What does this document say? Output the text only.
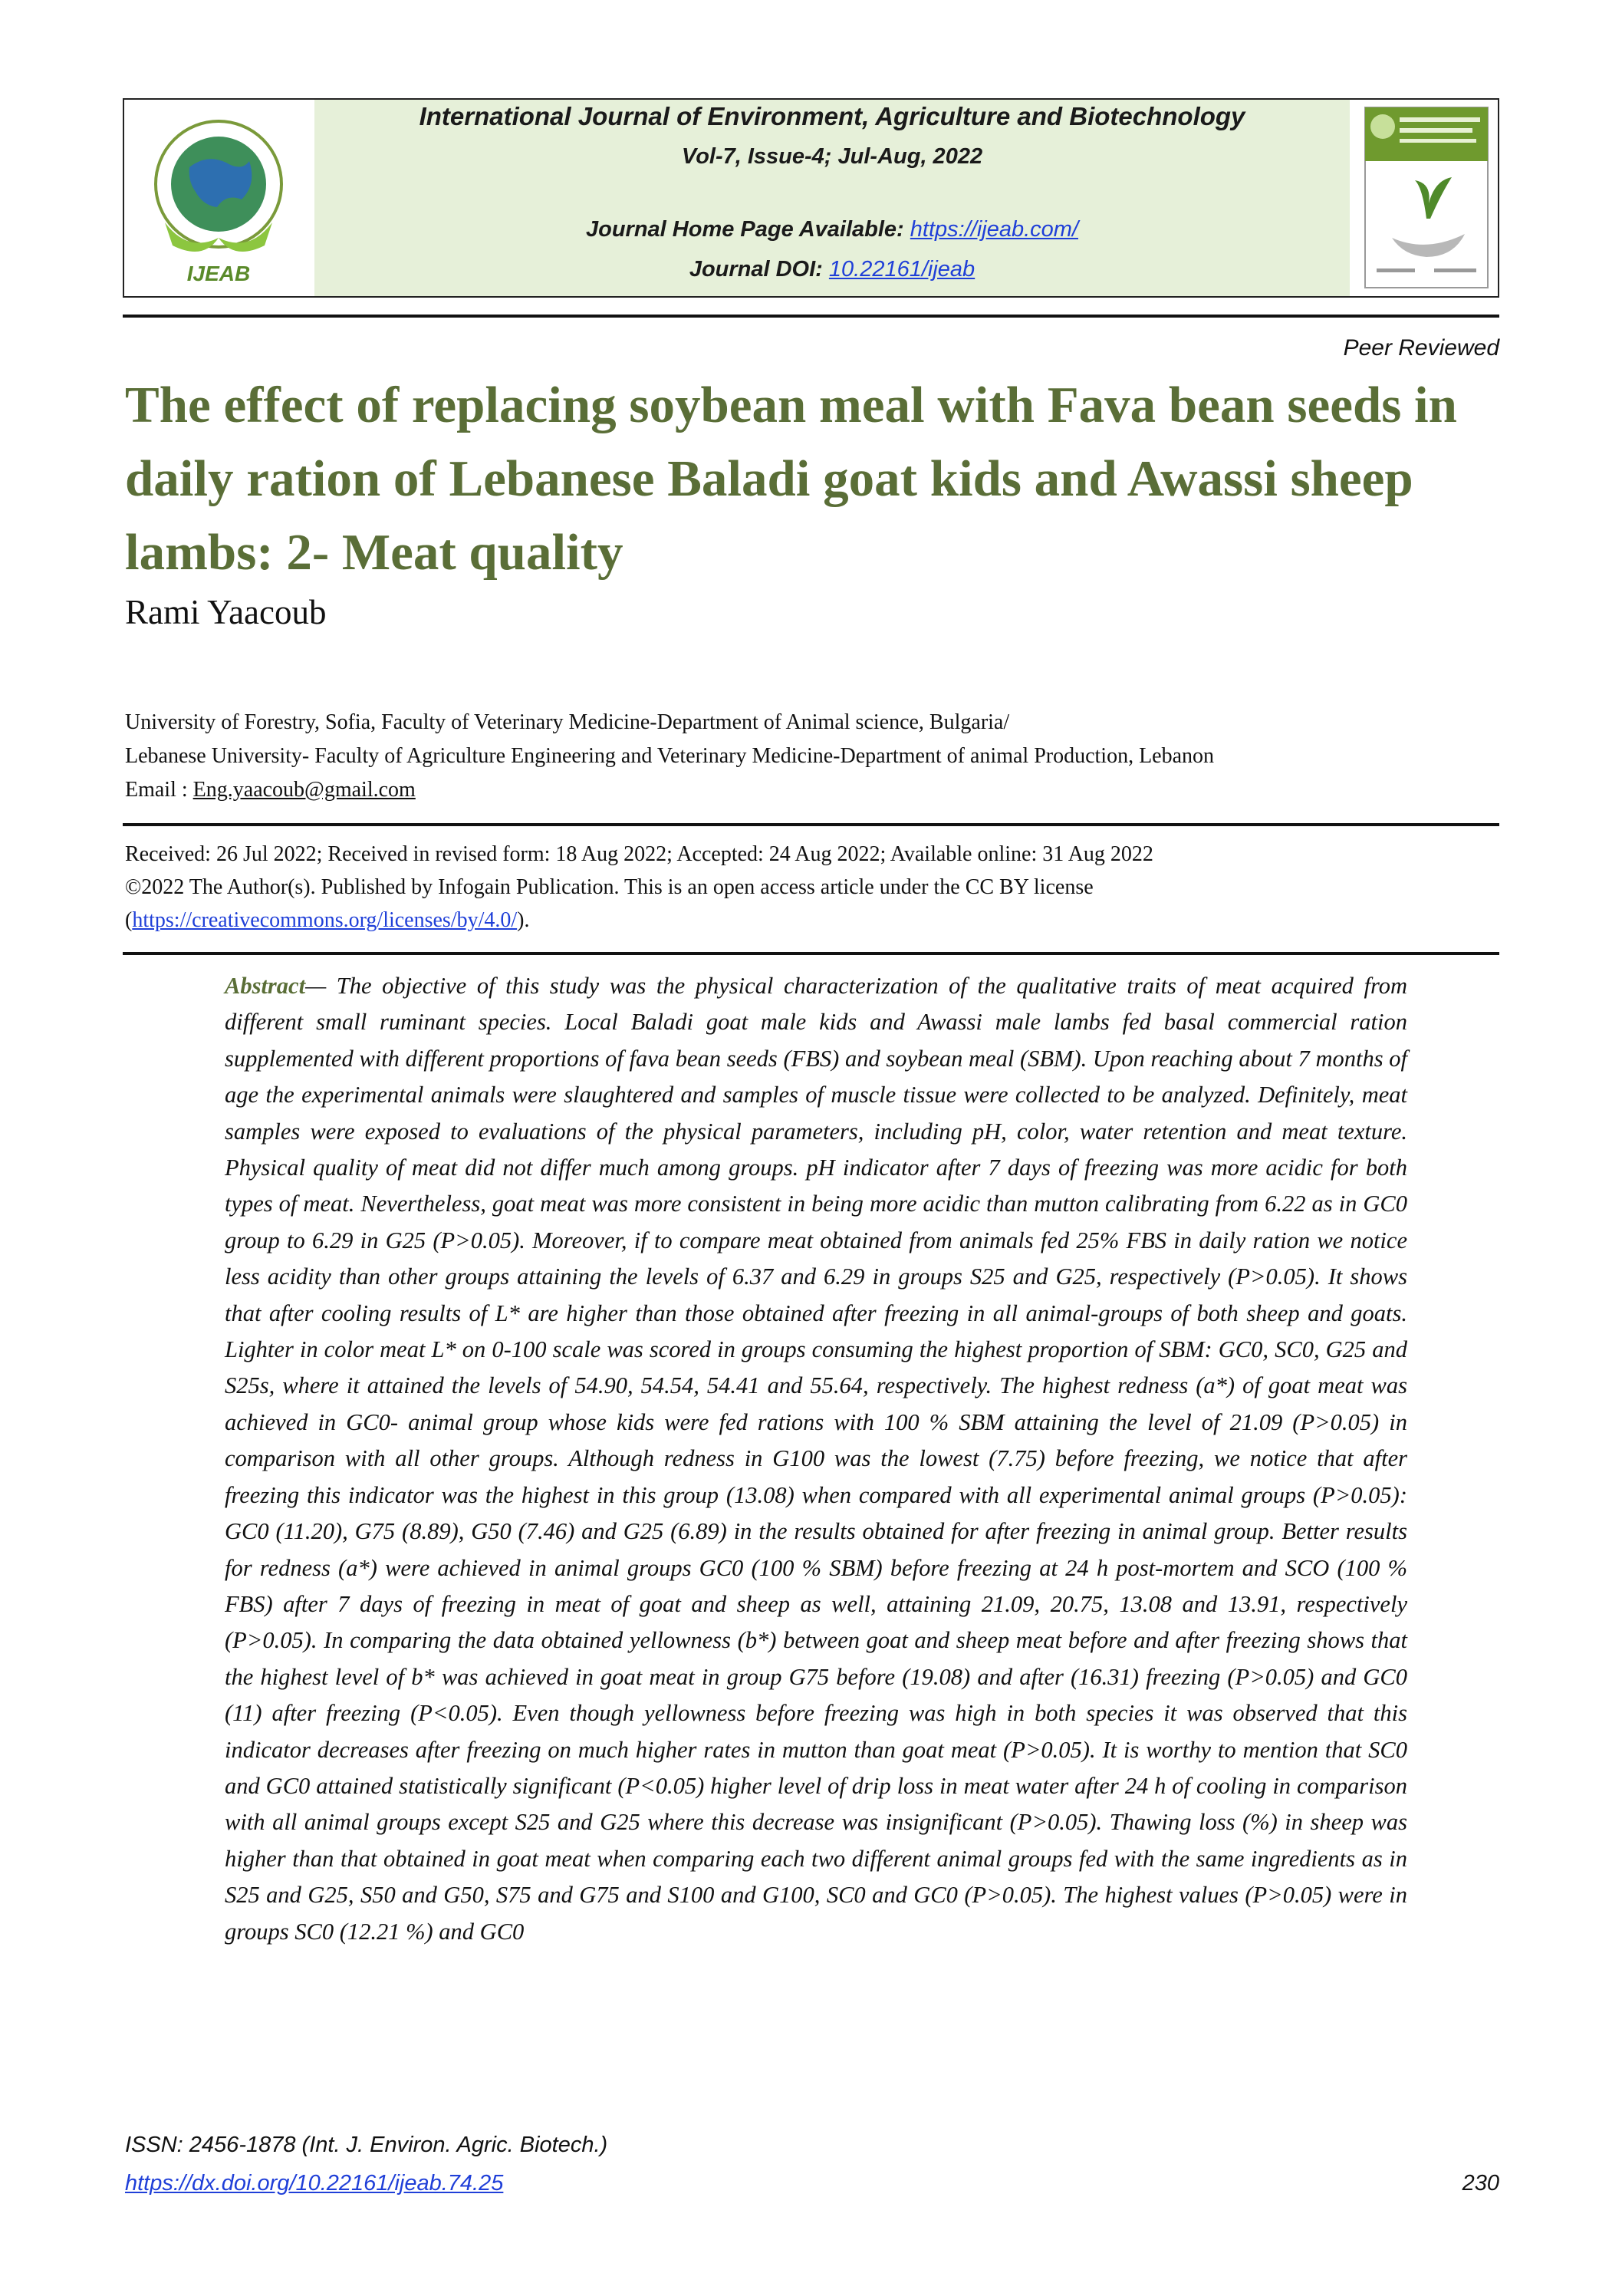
IJEAB
International Journal of Environment, Agriculture and Biotechnology
Vol-7, Issue-4; Jul-Aug, 2022
Journal Home Page Available: https://ijeab.com/
Journal DOI: 10.22161/ijeab
Peer Reviewed
The effect of replacing soybean meal with Fava bean seeds in daily ration of Lebanese Baladi goat kids and Awassi sheep lambs: 2- Meat quality
Rami Yaacoub
University of Forestry, Sofia, Faculty of Veterinary Medicine-Department of Animal science, Bulgaria/
Lebanese University- Faculty of Agriculture Engineering and Veterinary Medicine-Department of animal Production, Lebanon
Email : Eng.yaacoub@gmail.com
Received: 26 Jul 2022; Received in revised form: 18 Aug 2022; Accepted: 24 Aug 2022; Available online: 31 Aug 2022
©2022 The Author(s). Published by Infogain Publication. This is an open access article under the CC BY license
(https://creativecommons.org/licenses/by/4.0/).
Abstract— The objective of this study was the physical characterization of the qualitative traits of meat acquired from different small ruminant species. Local Baladi goat male kids and Awassi male lambs fed basal commercial ration supplemented with different proportions of fava bean seeds (FBS) and soybean meal (SBM). Upon reaching about 7 months of age the experimental animals were slaughtered and samples of muscle tissue were collected to be analyzed. Definitely, meat samples were exposed to evaluations of the physical parameters, including pH, color, water retention and meat texture. Physical quality of meat did not differ much among groups. pH indicator after 7 days of freezing was more acidic for both types of meat. Nevertheless, goat meat was more consistent in being more acidic than mutton calibrating from 6.22 as in GC0 group to 6.29 in G25 (P>0.05). Moreover, if to compare meat obtained from animals fed 25% FBS in daily ration we notice less acidity than other groups attaining the levels of 6.37 and 6.29 in groups S25 and G25, respectively (P>0.05). It shows that after cooling results of L* are higher than those obtained after freezing in all animal-groups of both sheep and goats. Lighter in color meat L* on 0-100 scale was scored in groups consuming the highest proportion of SBM: GC0, SC0, G25 and S25s, where it attained the levels of 54.90, 54.54, 54.41 and 55.64, respectively. The highest redness (a*) of goat meat was achieved in GC0- animal group whose kids were fed rations with 100 % SBM attaining the level of 21.09 (P>0.05) in comparison with all other groups. Although redness in G100 was the lowest (7.75) before freezing, we notice that after freezing this indicator was the highest in this group (13.08) when compared with all experimental animal groups (P>0.05): GC0 (11.20), G75 (8.89), G50 (7.46) and G25 (6.89) in the results obtained for after freezing in animal group. Better results for redness (a*) were achieved in animal groups GC0 (100 % SBM) before freezing at 24 h post-mortem and SCO (100 % FBS) after 7 days of freezing in meat of goat and sheep as well, attaining 21.09, 20.75, 13.08 and 13.91, respectively (P>0.05). In comparing the data obtained yellowness (b*) between goat and sheep meat before and after freezing shows that the highest level of b* was achieved in goat meat in group G75 before (19.08) and after (16.31) freezing (P>0.05) and GC0 (11) after freezing (P<0.05). Even though yellowness before freezing was high in both species it was observed that this indicator decreases after freezing on much higher rates in mutton than goat meat (P>0.05). It is worthy to mention that SC0 and GC0 attained statistically significant (P<0.05) higher level of drip loss in meat water after 24 h of cooling in comparison with all animal groups except S25 and G25 where this decrease was insignificant (P>0.05). Thawing loss (%) in sheep was higher than that obtained in goat meat when comparing each two different animal groups fed with the same ingredients as in S25 and G25, S50 and G50, S75 and G75 and S100 and G100, SC0 and GC0 (P>0.05). The highest values (P>0.05) were in groups SC0 (12.21 %) and GC0
ISSN: 2456-1878 (Int. J. Environ. Agric. Biotech.)
https://dx.doi.org/10.22161/ijeab.74.25	230
